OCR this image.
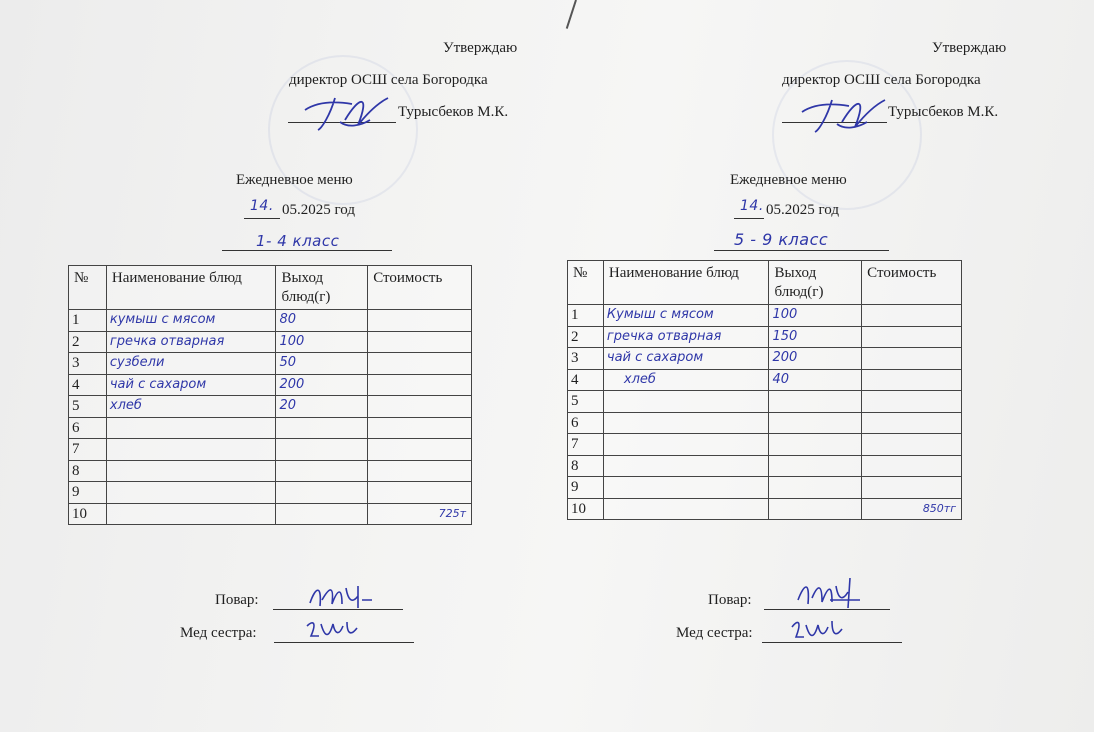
Утверждаю
директор ОСШ села Богородка
Турысбеков М.К.
Ежедневное меню
14. 05.2025 год
1- 4 класс
№	Наименование блюд	Выход блюд(г)	Стоимость
1	кумыш с мясом	80	
2	гречка отварная	100	
3	сузбели	50	
4	чай с сахаром	200	
5	хлеб	20	
6			
7			
8			
9			
10			725т
Повар:
Мед сестра:
Утверждаю
директор ОСШ села Богородка
Турысбеков М.К.
Ежедневное меню
14. 05.2025 год
5 - 9 класс
№	Наименование блюд	Выход блюд(г)	Стоимость
1	Кумыш с мясом	100	
2	гречка отварная	150	
3	чай с сахаром	200	
4	хлеб	40	
5			
6			
7			
8			
9			
10			850тг
Повар:
Мед сестра:
